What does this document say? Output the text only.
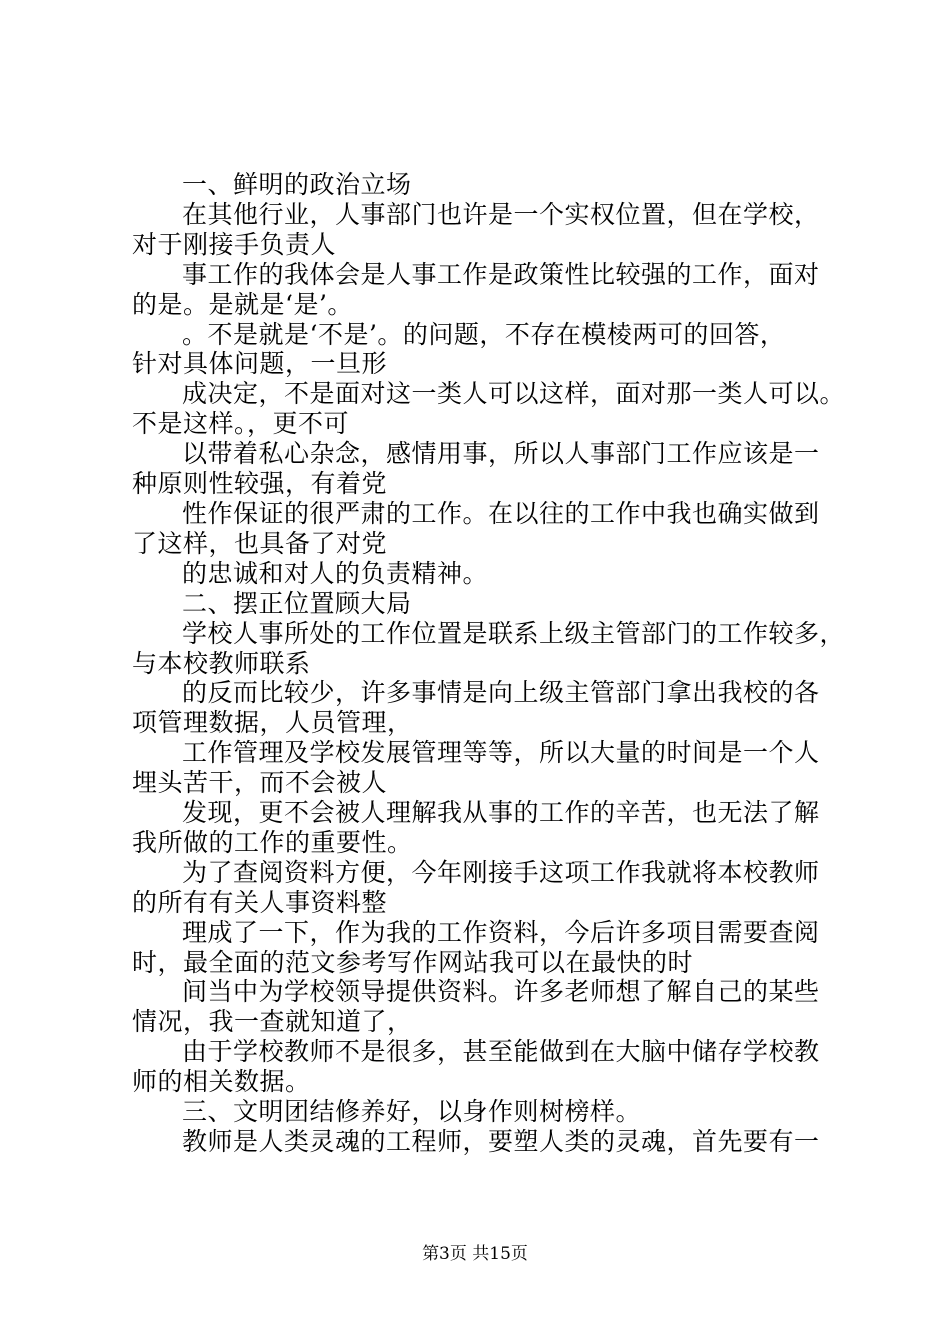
一、鲜明的政治立场
在其他行业，人事部门也许是一个实权位置，但在学校，
对于刚接手负责人
事工作的我体会是人事工作是政策性比较强的工作，面对
的是。是就是‘是’。
。不是就是‘不是’。的问题，不存在模棱两可的回答，
针对具体问题，一旦形
成决定，不是面对这一类人可以这样，面对那一类人可以。
不是这样。，更不可
以带着私心杂念，感情用事，所以人事部门工作应该是一
种原则性较强，有着党
性作保证的很严肃的工作。在以往的工作中我也确实做到
了这样，也具备了对党
的忠诚和对人的负责精神。
二、摆正位置顾大局
学校人事所处的工作位置是联系上级主管部门的工作较多，
与本校教师联系
的反而比较少，许多事情是向上级主管部门拿出我校的各
项管理数据，人员管理，
工作管理及学校发展管理等等，所以大量的时间是一个人
埋头苦干，而不会被人
发现，更不会被人理解我从事的工作的辛苦，也无法了解
我所做的工作的重要性。
为了查阅资料方便，今年刚接手这项工作我就将本校教师
的所有有关人事资料整
理成了一下，作为我的工作资料，今后许多项目需要查阅
时，最全面的范文参考写作网站我可以在最快的时
间当中为学校领导提供资料。许多老师想了解自己的某些
情况，我一查就知道了，
由于学校教师不是很多，甚至能做到在大脑中储存学校教
师的相关数据。
三、文明团结修养好，以身作则树榜样。
教师是人类灵魂的工程师，要塑人类的灵魂，首先要有一
第3页 共15页
